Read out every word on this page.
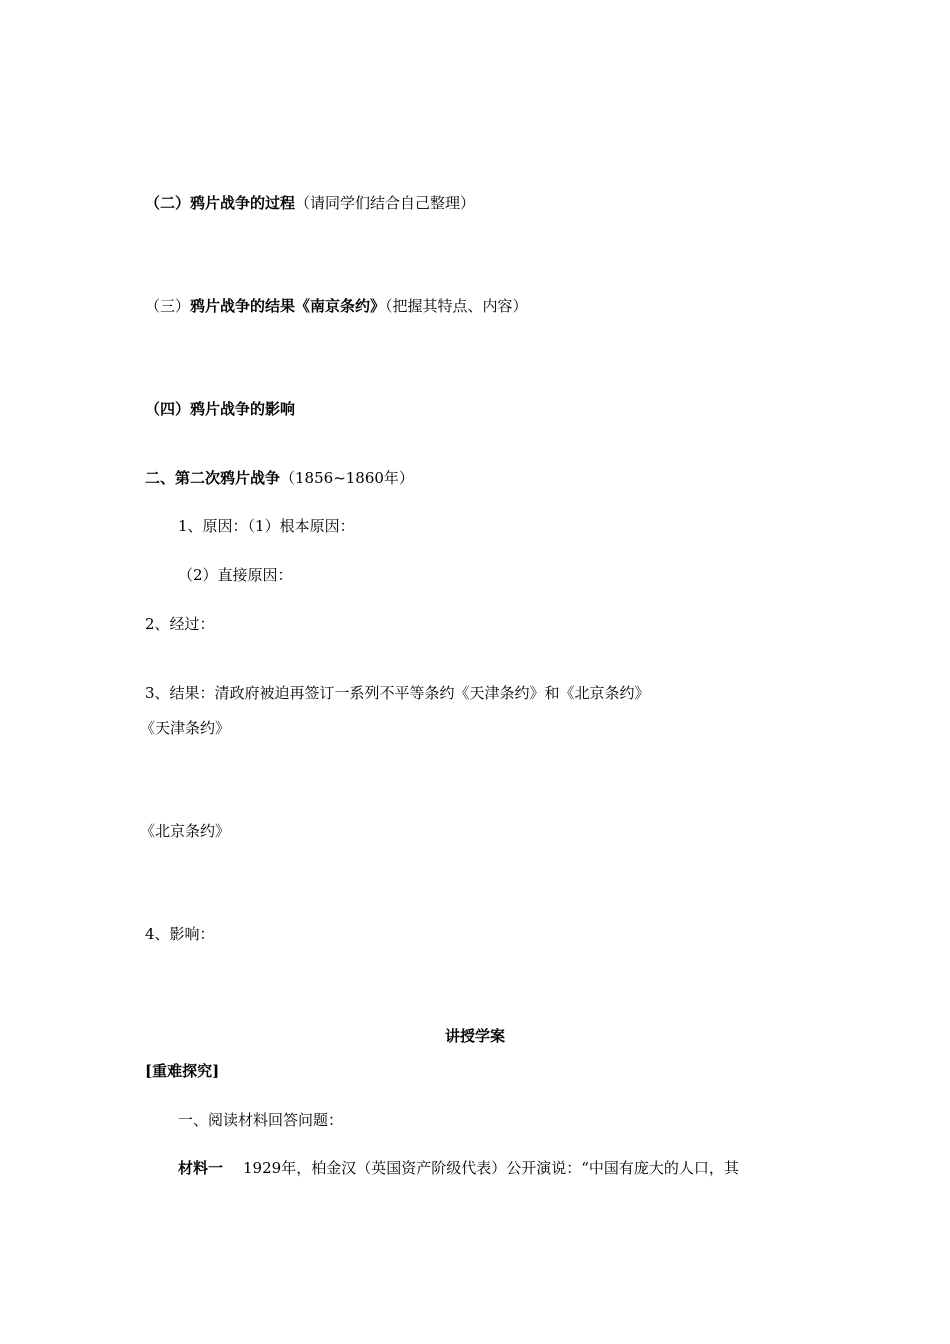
（二）鸦片战争的过程（请同学们结合自己整理）
（三）鸦片战争的结果《南京条约》（把握其特点、内容）
（四）鸦片战争的影响
二、第二次鸦片战争（1856~1860年）
1、原因：（1）根本原因：
（2）直接原因：
2、经过：
3、结果：清政府被迫再签订一系列不平等条约《天津条约》和《北京条约》
《天津条约》
《北京条约》
4、影响：
讲授学案
[重难探究]
一、阅读材料回答问题：
材料一 1929年，柏金汉（英国资产阶级代表）公开演说：“中国有庞大的人口，其
